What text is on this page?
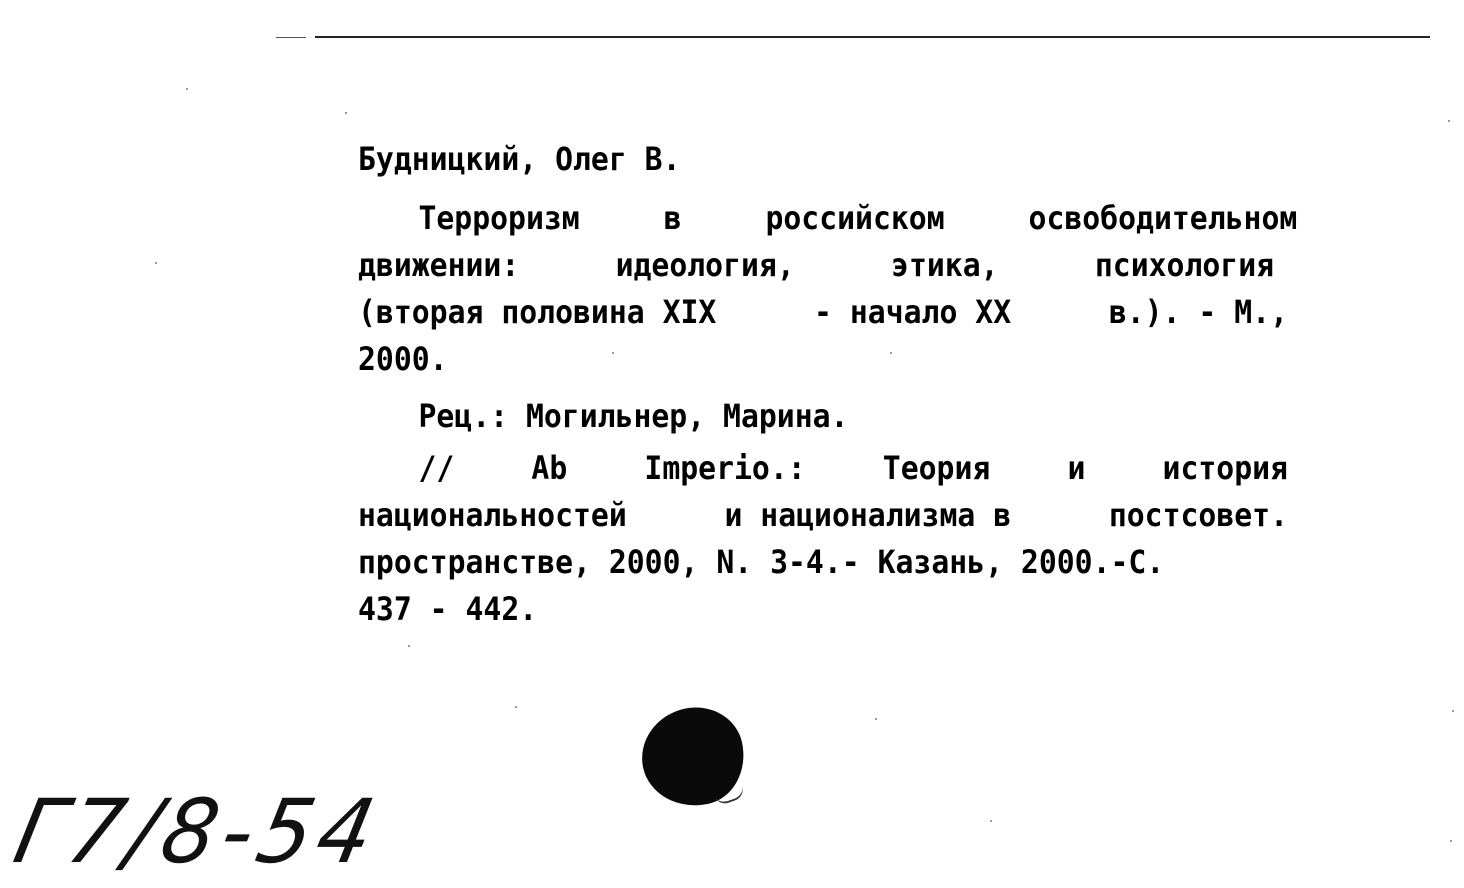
Будницкий, Олег В.
Терроризм	в	российском	освободительном
движении:	идеология,	этика,	психология
(вторая половина XIX	- начало XX	в.). - М.,
2000.
Рец.: Могильнер, Марина.
// Ab Imperio.: Теория и история
национальностей	и национализма в	постсовет.
пространстве, 2000, N. 3-4.- Казань, 2000.-С.
437 - 442.
Г7/8-54
